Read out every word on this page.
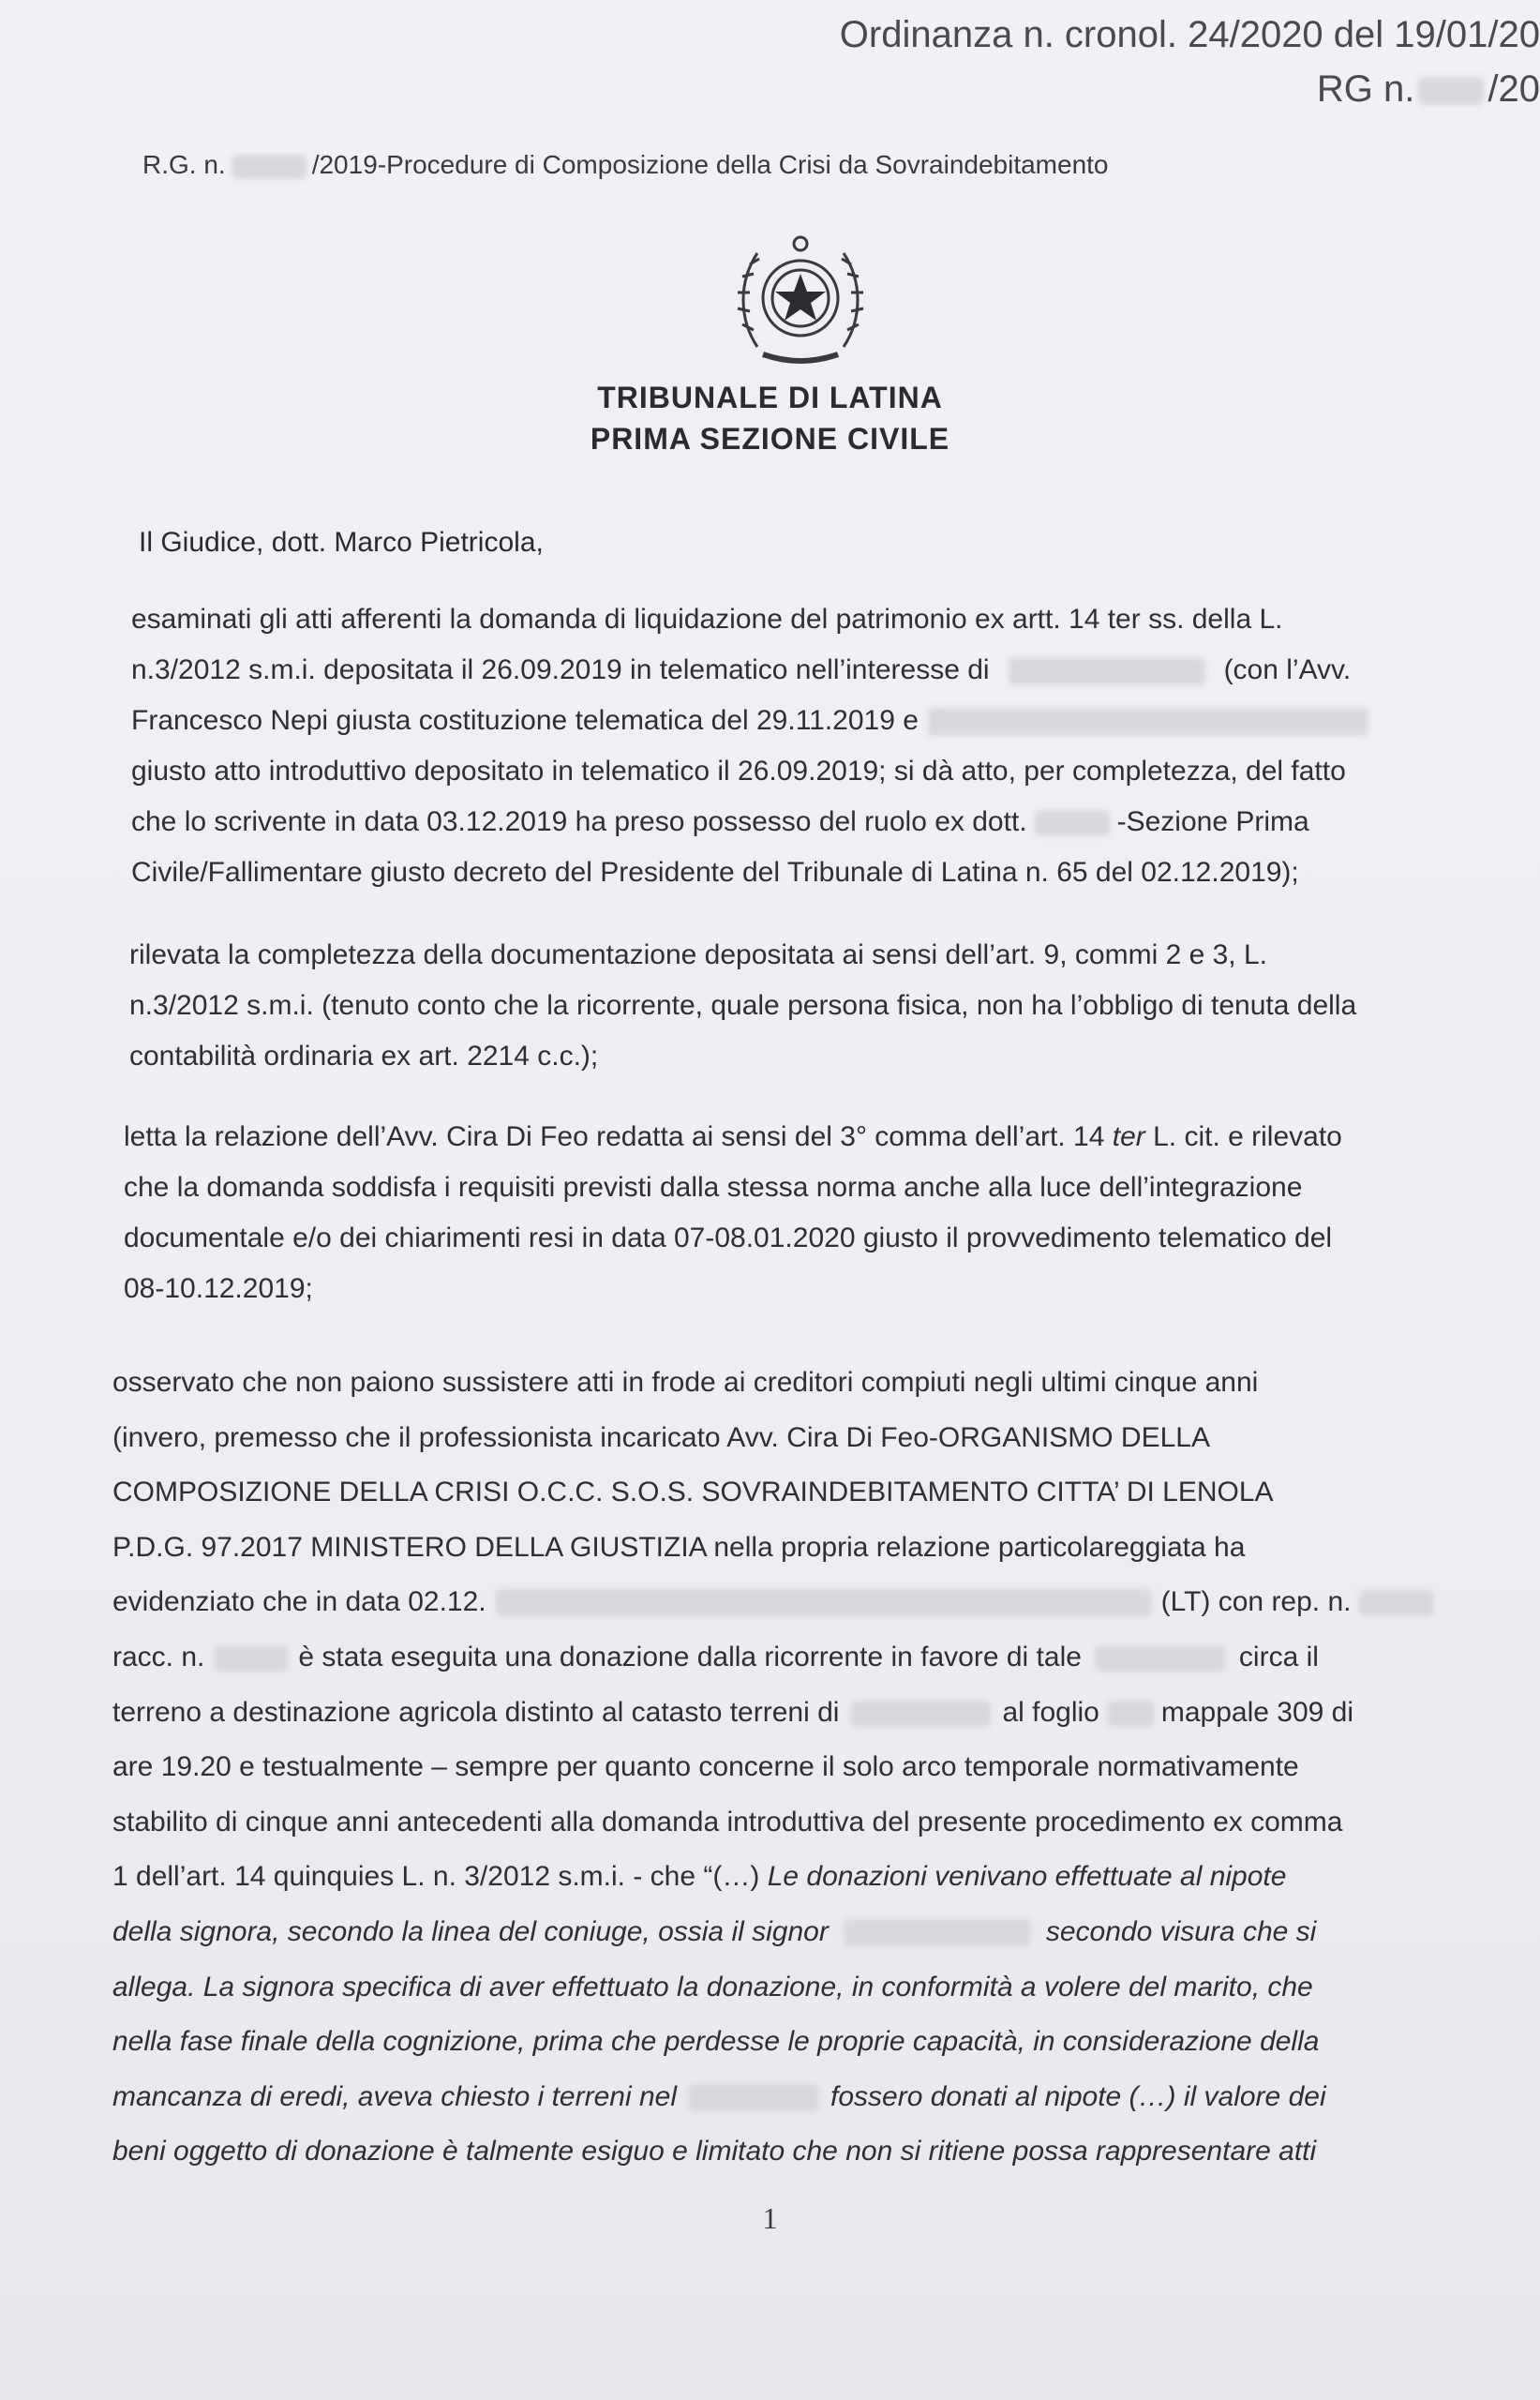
Ordinanza n. cronol. 24/2020 del 19/01/20
RG n. /20
R.G. n.	/2019-Procedure di Composizione della Crisi da Sovraindebitamento
TRIBUNALE DI LATINA
PRIMA SEZIONE CIVILE
Il Giudice, dott. Marco Pietricola,
esaminati gli atti afferenti la domanda di liquidazione del patrimonio ex artt. 14 ter ss. della L.
n.3/2012 s.m.i. depositata il 26.09.2019 in telematico nell’interesse di	(con l’Avv.
Francesco Nepi giusta costituzione telematica del 29.11.2019 e
giusto atto introduttivo depositato in telematico il 26.09.2019; si dà atto, per completezza, del fatto
che lo scrivente in data 03.12.2019 ha preso possesso del ruolo ex dott.	-Sezione Prima
Civile/Fallimentare giusto decreto del Presidente del Tribunale di Latina n. 65 del 02.12.2019);
rilevata la completezza della documentazione depositata ai sensi dell’art. 9, commi 2 e 3, L.
n.3/2012 s.m.i. (tenuto conto che la ricorrente, quale persona fisica, non ha l’obbligo di tenuta della
contabilità ordinaria ex art. 2214 c.c.);
letta la relazione dell’Avv. Cira Di Feo redatta ai sensi del 3° comma dell’art. 14 ter L. cit. e rilevato
che la domanda soddisfa i requisiti previsti dalla stessa norma anche alla luce dell’integrazione
documentale e/o dei chiarimenti resi in data 07-08.01.2020 giusto il provvedimento telematico del
08-10.12.2019;
osservato che non paiono sussistere atti in frode ai creditori compiuti negli ultimi cinque anni
(invero, premesso che il professionista incaricato Avv. Cira Di Feo-ORGANISMO DELLA
COMPOSIZIONE DELLA CRISI O.C.C. S.O.S. SOVRAINDEBITAMENTO CITTA’ DI LENOLA
P.D.G. 97.2017 MINISTERO DELLA GIUSTIZIA nella propria relazione particolareggiata ha
evidenziato che in data 02.12.	(LT) con rep. n.
racc. n.	è stata eseguita una donazione dalla ricorrente in favore di tale	circa il
terreno a destinazione agricola distinto al catasto terreni di	al foglio mappale 309 di
are 19.20 e testualmente – sempre per quanto concerne il solo arco temporale normativamente
stabilito di cinque anni antecedenti alla domanda introduttiva del presente procedimento ex comma
1 dell’art. 14 quinquies L. n. 3/2012 s.m.i. - che “(…) Le donazioni venivano effettuate al nipote
della signora, secondo la linea del coniuge, ossia il signor	secondo visura che si
allega. La signora specifica di aver effettuato la donazione, in conformità a volere del marito, che
nella fase finale della cognizione, prima che perdesse le proprie capacità, in considerazione della
mancanza di eredi, aveva chiesto i terreni nel	fossero donati al nipote (…) il valore dei
beni oggetto di donazione è talmente esiguo e limitato che non si ritiene possa rappresentare atti
1
